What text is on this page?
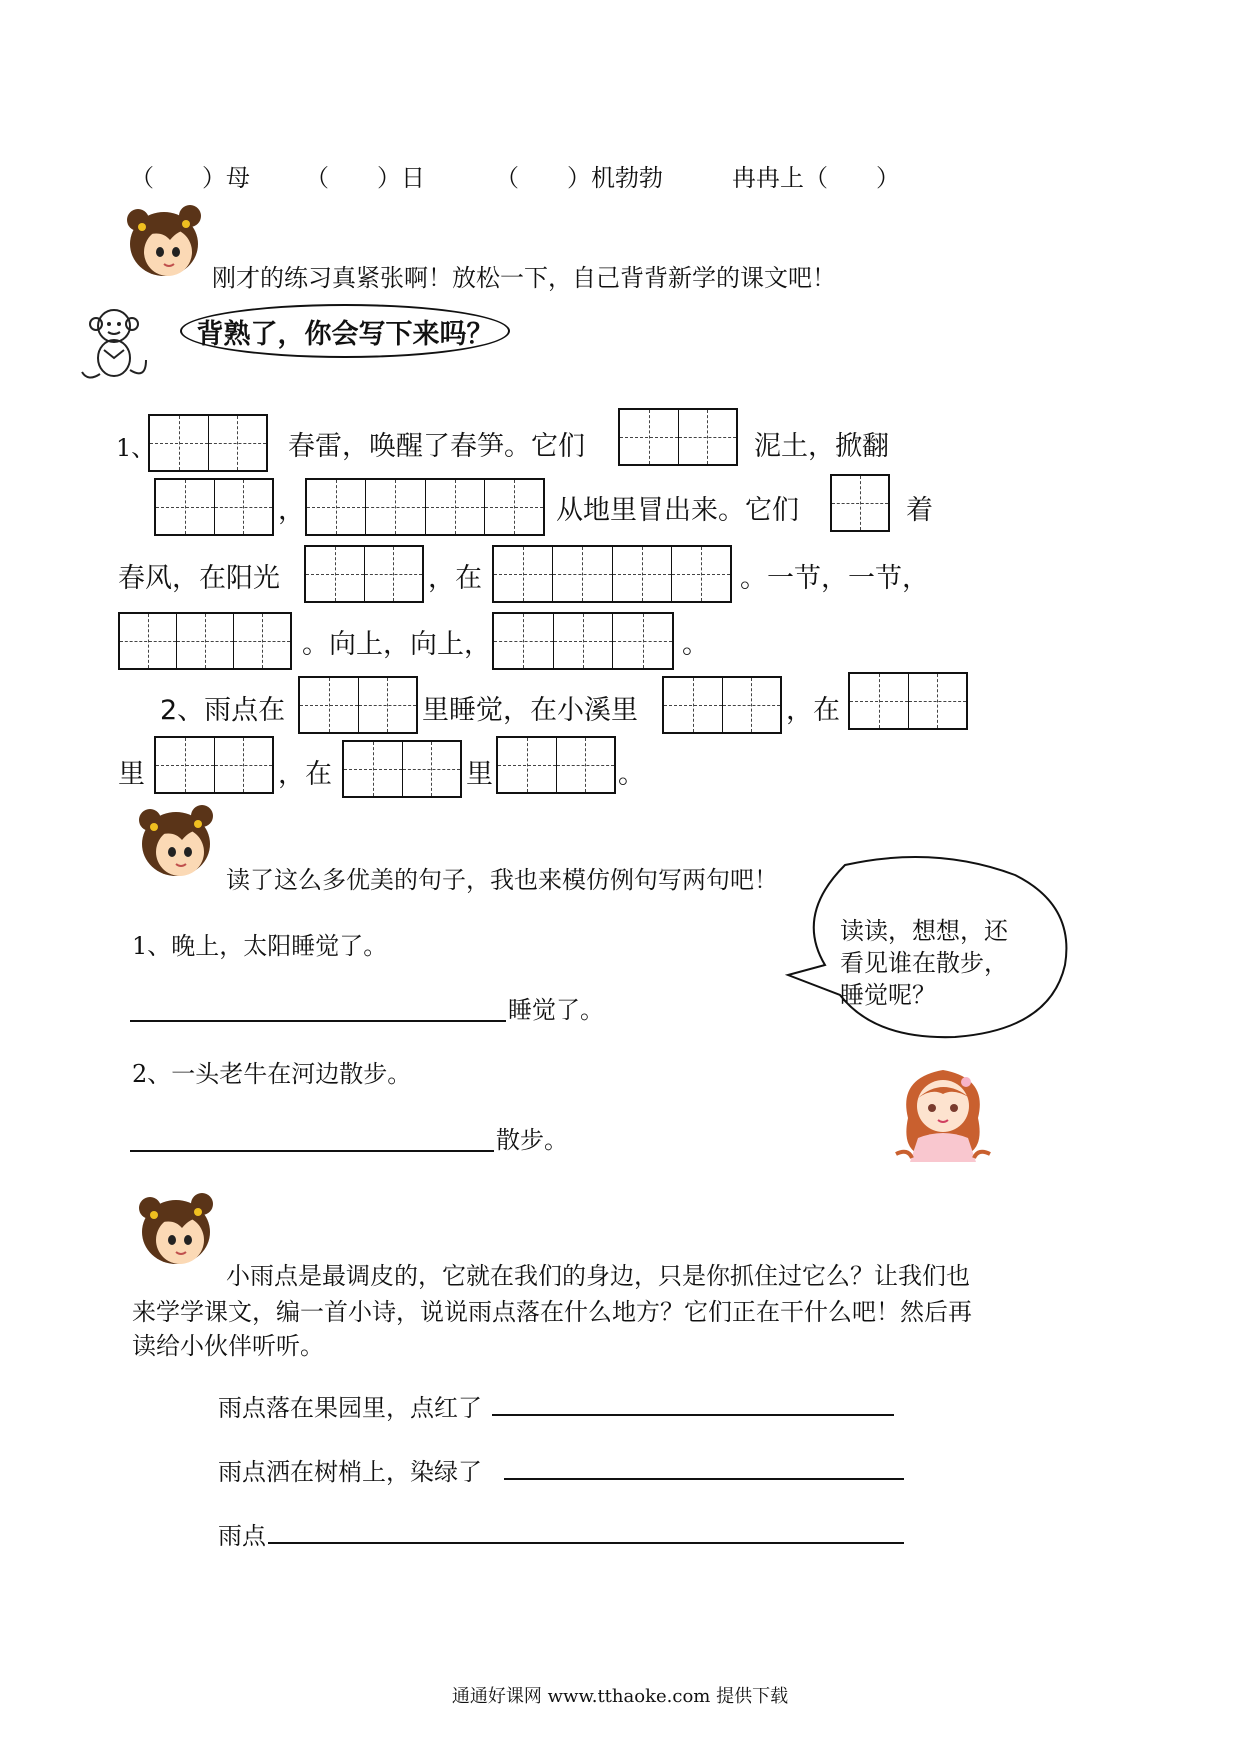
（　　）母 （　　）日	（　　）机勃勃	冉冉上（　　）
刚才的练习真紧张啊！放松一下，自己背背新学的课文吧！
背熟了，你会写下来吗？
1、	春雷，唤醒了春笋。它们	泥土，掀翻
，	从地里冒出来。它们	着
春风，在阳光	，在	。一节，一节，
。向上，向上，	。
2、雨点在	里睡觉，在小溪里	，在
里	，在	里	。
读了这么多优美的句子，我也来模仿例句写两句吧！
1、晚上，太阳睡觉了。
睡觉了。
2、一头老牛在河边散步。
散步。
读读，想想，还
看见谁在散步，
睡觉呢？
小雨点是最调皮的，它就在我们的身边，只是你抓住过它么？让我们也
来学学课文，编一首小诗，说说雨点落在什么地方？它们正在干什么吧！然后再
读给小伙伴听听。
雨点落在果园里，点红了
雨点洒在树梢上，染绿了
雨点
通通好课网 www.tthaoke.com 提供下载
